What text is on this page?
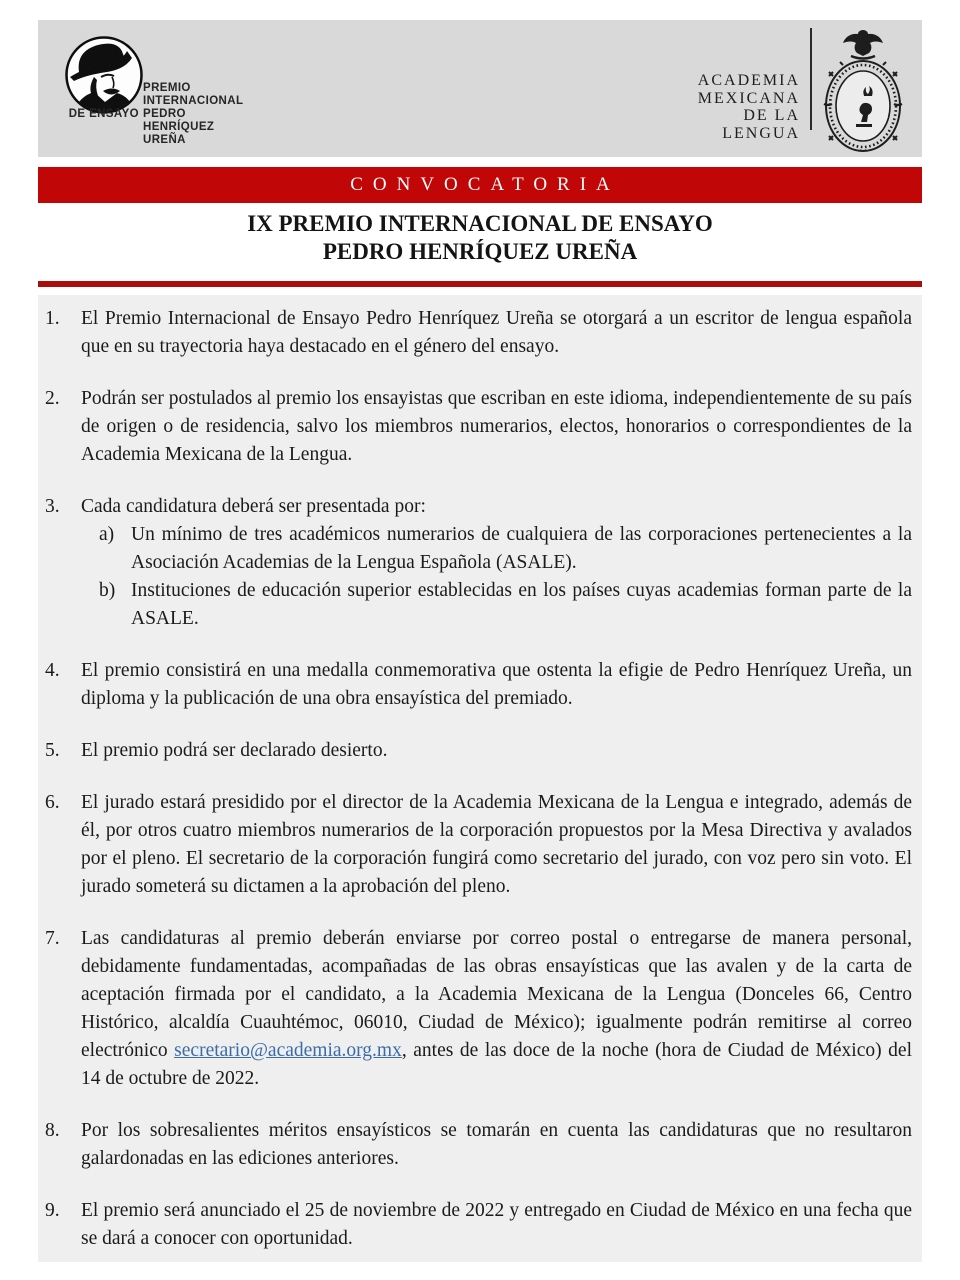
PREMIO
INTERNACIONAL
DE ENSAYO PEDRO
HENRÍQUEZ
UREÑA
ACADEMIA
MEXICANA
DE LA
LENGUA
CONVOCATORIA
IX PREMIO INTERNACIONAL DE ENSAYO
PEDRO HENRÍQUEZ UREÑA
1. El Premio Internacional de Ensayo Pedro Henríquez Ureña se otorgará a un escritor de lengua española que en su trayectoria haya destacado en el género del ensayo.

2. Podrán ser postulados al premio los ensayistas que escriban en este idioma, independientemente de su país de origen o de residencia, salvo los miembros numerarios, electos, honorarios o correspondientes de la Academia Mexicana de la Lengua.

3. Cada candidatura deberá ser presentada por:

a) Un mínimo de tres académicos numerarios de cualquiera de las corporaciones pertenecientes a la Asociación Academias de la Lengua Española (ASALE).

b) Instituciones de educación superior establecidas en los países cuyas academias forman parte de la ASALE.

4. El premio consistirá en una medalla conmemorativa que ostenta la efigie de Pedro Henríquez Ureña, un diploma y la publicación de una obra ensayística del premiado.

5. El premio podrá ser declarado desierto.

6. El jurado estará presidido por el director de la Academia Mexicana de la Lengua e integrado, además de él, por otros cuatro miembros numerarios de la corporación propuestos por la Mesa Directiva y avalados por el pleno. El secretario de la corporación fungirá como secretario del jurado, con voz pero sin voto. El jurado someterá su dictamen a la aprobación del pleno.

7. Las candidaturas al premio deberán enviarse por correo postal o entregarse de manera personal, debidamente fundamentadas, acompañadas de las obras ensayísticas que las avalen y de la carta de aceptación firmada por el candidato, a la Academia Mexicana de la Lengua (Donceles 66, Centro Histórico, alcaldía Cuauhtémoc, 06010, Ciudad de México); igualmente podrán remitirse al correo electrónico secretario@academia.org.mx, antes de las doce de la noche (hora de Ciudad de México) del 14 de octubre de 2022.

8. Por los sobresalientes méritos ensayísticos se tomarán en cuenta las candidaturas que no resultaron galardonadas en las ediciones anteriores.

9. El premio será anunciado el 25 de noviembre de 2022 y entregado en Ciudad de México en una fecha que se dará a conocer con oportunidad.
